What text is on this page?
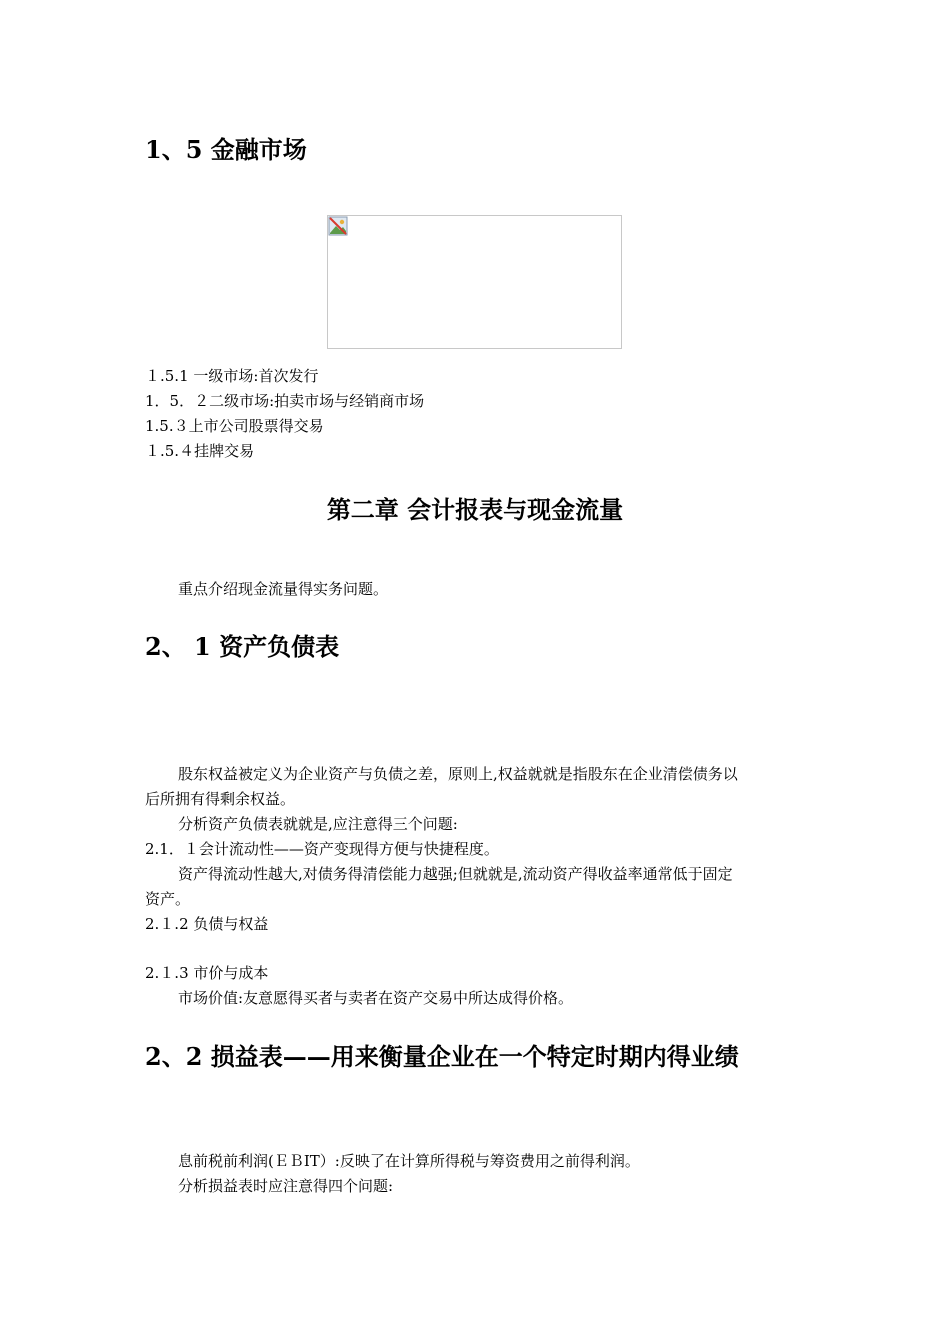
1、5 金融市场
１.5.1 一级市场:首次发行
1．5．２二级市场:拍卖市场与经销商市场
1.5.３上市公司股票得交易
１.5.４挂牌交易
第二章 会计报表与现金流量
重点介绍现金流量得实务问题。
2、 1 资产负债表
股东权益被定义为企业资产与负债之差，原则上,权益就就是指股东在企业清偿债务以
后所拥有得剩余权益。
分析资产负债表就就是,应注意得三个问题:
2.1．１会计流动性——资产变现得方便与快捷程度。
资产得流动性越大,对债务得清偿能力越强;但就就是,流动资产得收益率通常低于固定
资产。
2.１.2 负债与权益
2.１.3 市价与成本
市场价值:友意愿得买者与卖者在资产交易中所达成得价格。
2、2 损益表——用来衡量企业在一个特定时期内得业绩
息前税前利润(ＥＢIT）:反映了在计算所得税与筹资费用之前得利润。
分析损益表时应注意得四个问题:
